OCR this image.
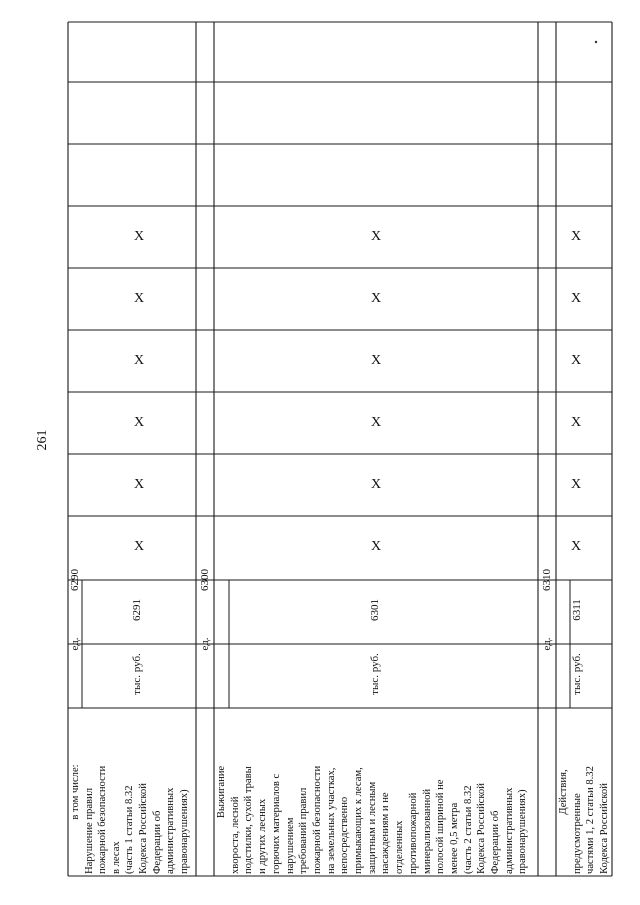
261
в том числе: Нарушение правил пожарной безопасности в лесах (часть 1 статьи 8.32 Кодекса Российской Федерации об административных правонарушениях) Выжигание
хвороста, лесной подстилки, сухой травы и других лесных горючих материалов с нарушением требований правил пожарной безопасности на земельных участках, непосредственно примыкающих к лесам, защитным и лесным насаждениям и не отделенных противопожарной минерализованной полосой шириной не менее 0,5 метра (часть 2 статьи 8.32 Кодекса Российской Федерации об административных правонарушениях)	Действия,
предусмотренные частями 1, 2 статьи 8.32 Кодекса Российской
ед.
6290
тыс. руб.
6291
ед.
6300
тыс. руб.
6301
ед.
6310
тыс. руб.
6311
X
X
X
X
X
X
X
X
X
X
X
X
X
X
X
X
X
X
